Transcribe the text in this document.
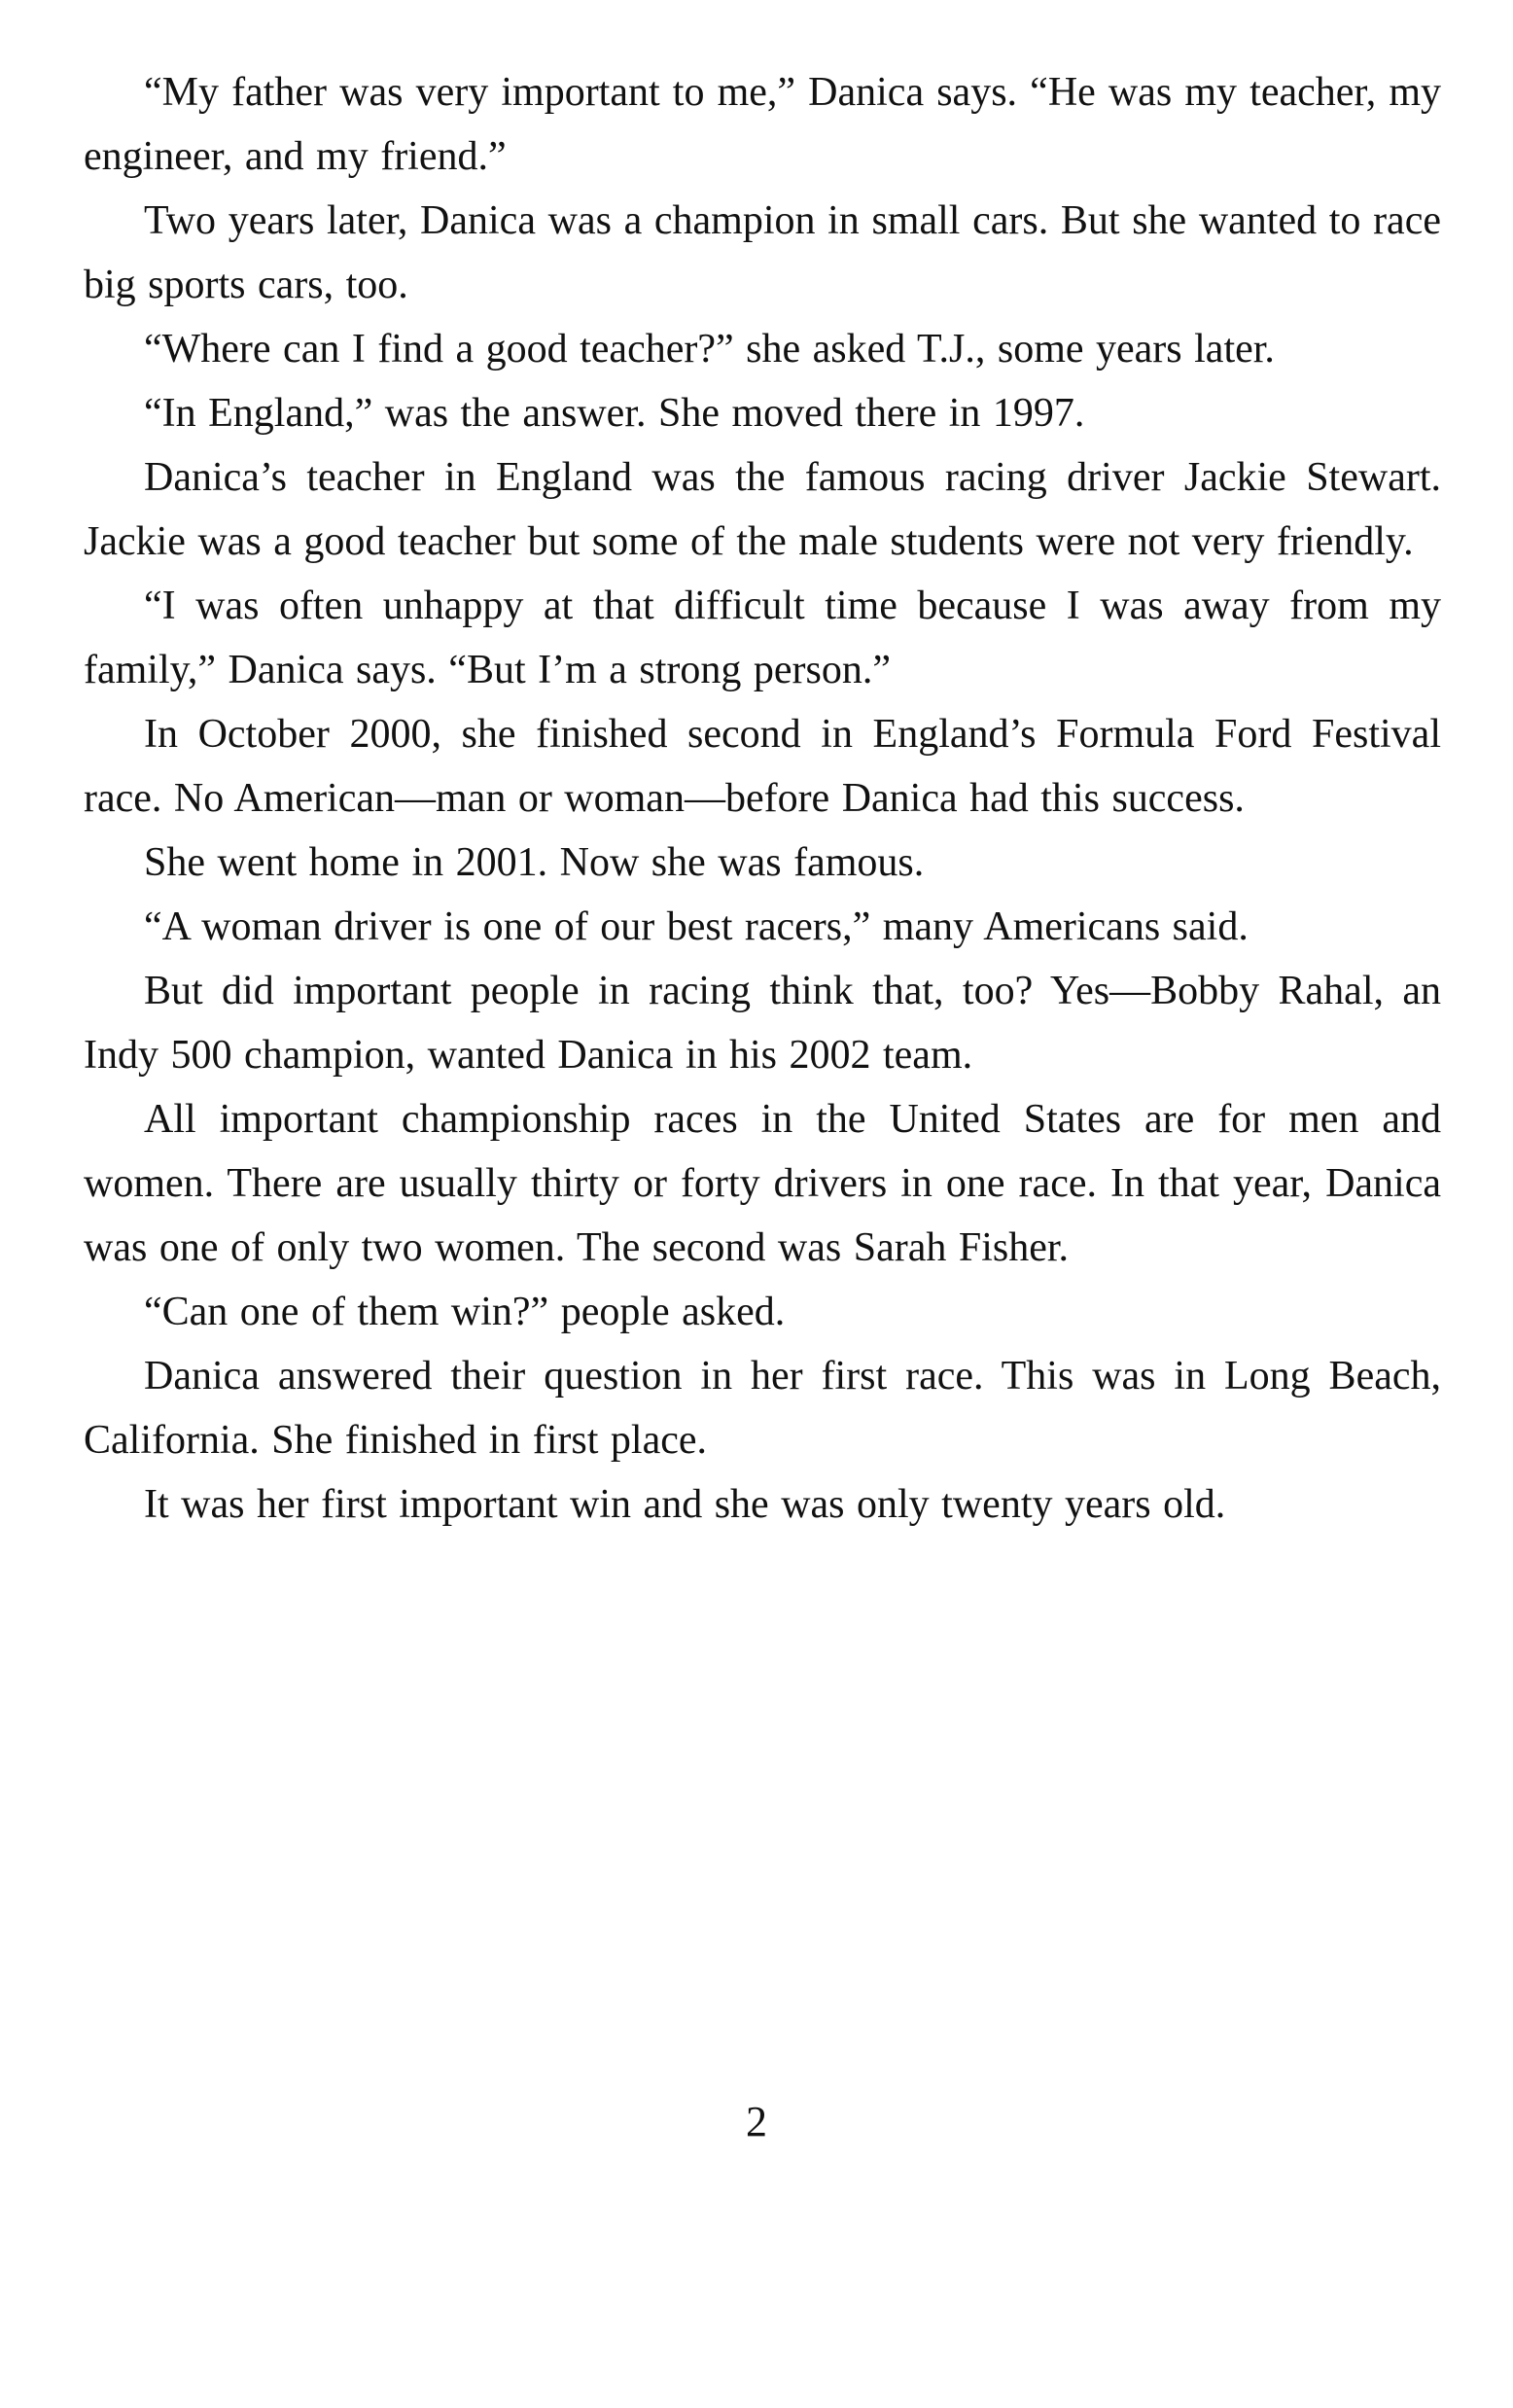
“My father was very important to me,” Danica says. “He was my teacher, my engineer, and my friend.”

Two years later, Danica was a champion in small cars. But she wanted to race big sports cars, too.

“Where can I find a good teacher?” she asked T.J., some years later.

“In England,” was the answer. She moved there in 1997.

Danica’s teacher in England was the famous racing driver Jackie Stewart. Jackie was a good teacher but some of the male students were not very friendly.

“I was often unhappy at that difficult time because I was away from my family,” Danica says. “But I’m a strong person.”

In October 2000, she finished second in England’s Formula Ford Festival race. No American—man or woman—before Danica had this success.

She went home in 2001. Now she was famous.

“A woman driver is one of our best racers,” many Americans said.

But did important people in racing think that, too? Yes—Bobby Rahal, an Indy 500 champion, wanted Danica in his 2002 team.

All important championship races in the United States are for men and women. There are usually thirty or forty drivers in one race. In that year, Danica was one of only two women. The second was Sarah Fisher.

“Can one of them win?” people asked.

Danica answered their question in her first race. This was in Long Beach, California. She finished in first place.

It was her first important win and she was only twenty years old.

2
